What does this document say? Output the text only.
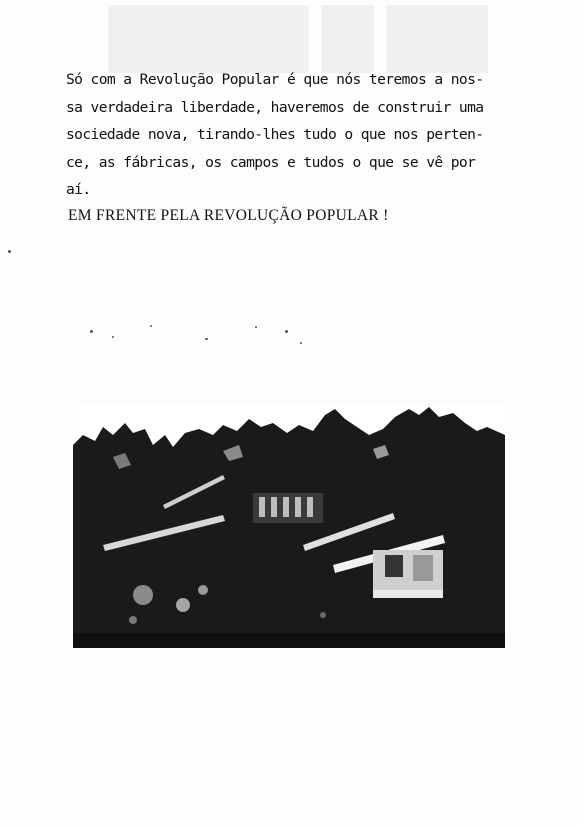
▇▇ ▇ ▇▇▇▇
Só com a Revolução Popular é que nós teremos a nos-
sa verdadeira liberdade, haveremos de construir uma
sociedade nova, tirando-lhes tudo o que nos perten-
ce, as fábricas, os campos e tudos o que se vê por
aí.
EM FRENTE PELA REVOLUÇÃO POPULAR !
